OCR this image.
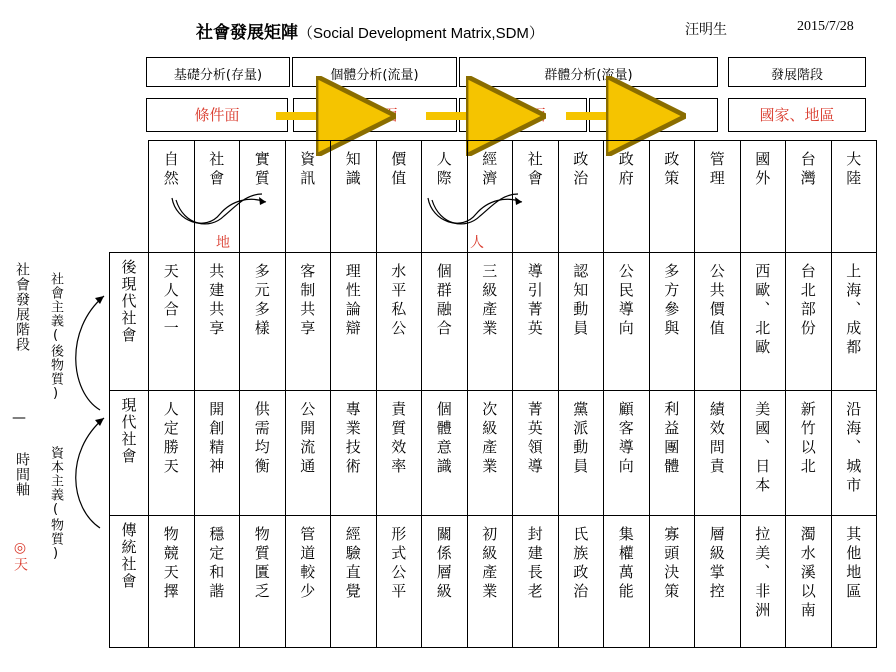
社會發展矩陣（Social Development Matrix,SDM）	汪明生	2015/7/28
基礎分析(存量)	個體分析(流量)	群體分析(流量)	發展階段
條件面	本質面	現象面	現象面	國家、地區
	自然	社會	實質	資訊	知識	價值	人際	經濟	社會	政治	政府	政策	管理	國外	台灣	大陸
後現代社會	天人合一	共建共享	多元多樣	客制共享	理性論辯	水平私公	個群融合	三級產業	導引菁英	認知動員	公民導向	多方參與	公共價值	西歐、北歐	台北部份	上海、成都
現代社會	人定勝天	開創精神	供需均衡	公開流通	專業技術	責質效率	個體意識	次級產業	菁英領導	黨派動員	顧客導向	利益團體	績效問責	美國、日本	新竹以北	沿海、城市
傳統社會	物競天擇	穩定和諧	物質匱乏	管道較少	經驗直覺	形式公平	關係層級	初級產業	封建長老	氏族政治	集權萬能	寡頭決策	層級掌控	拉美、非洲	濁水溪以南	其他地區
地	人
社會發展階段
—
時間軸
◎天
社會主義(後物質)
資本主義(物質)
